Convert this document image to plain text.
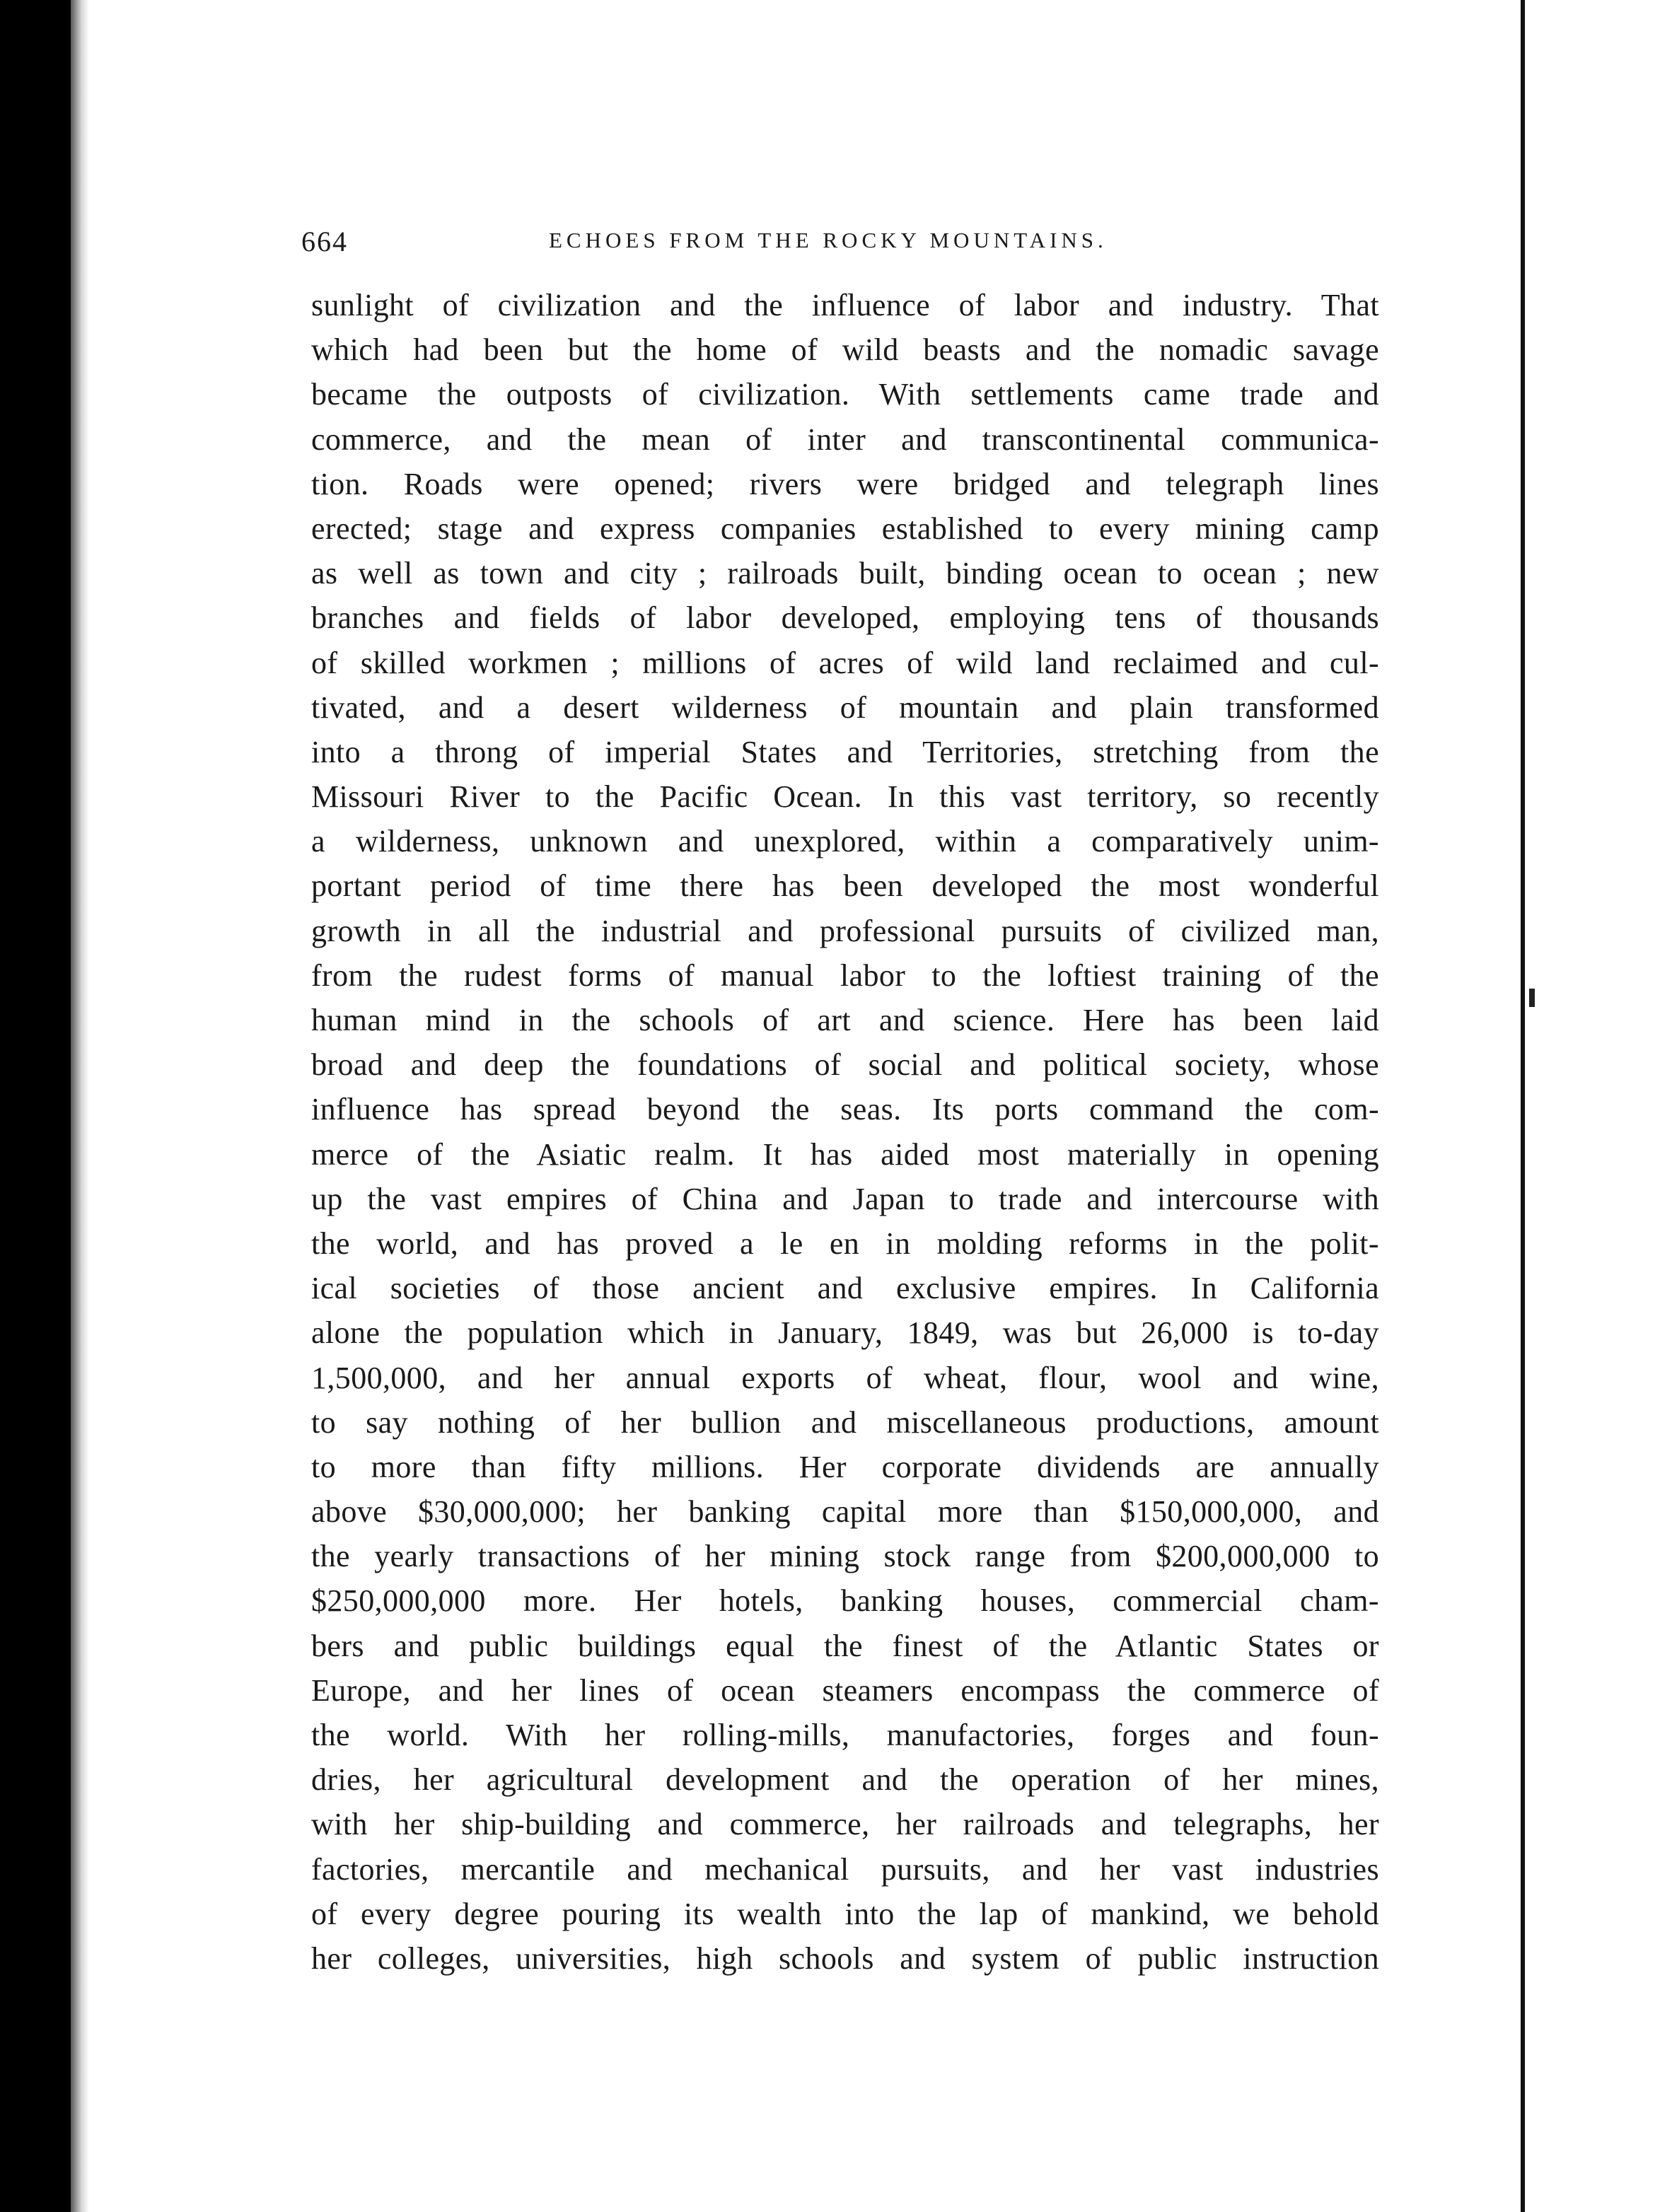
664	ECHOES FROM THE ROCKY MOUNTAINS.
sunlight of civilization and the influence of labor and industry. That
which had been but the home of wild beasts and the nomadic savage
became the outposts of civilization. With settlements came trade and
commerce, and the mean of inter and transcontinental communica-
tion. Roads were opened; rivers were bridged and telegraph lines
erected; stage and express companies established to every mining camp
as well as town and city ; railroads built, binding ocean to ocean ; new
branches and fields of labor developed, employing tens of thousands
of skilled workmen ; millions of acres of wild land reclaimed and cul-
tivated, and a desert wilderness of mountain and plain transformed
into a throng of imperial States and Territories, stretching from the
Missouri River to the Pacific Ocean. In this vast territory, so recently
a wilderness, unknown and unexplored, within a comparatively unim-
portant period of time there has been developed the most wonderful
growth in all the industrial and professional pursuits of civilized man,
from the rudest forms of manual labor to the loftiest training of the
human mind in the schools of art and science. Here has been laid
broad and deep the foundations of social and political society, whose
influence has spread beyond the seas. Its ports command the com-
merce of the Asiatic realm. It has aided most materially in opening
up the vast empires of China and Japan to trade and intercourse with
the world, and has proved a le en in molding reforms in the polit-
ical societies of those ancient and exclusive empires. In California
alone the population which in January, 1849, was but 26,000 is to-day
1,500,000, and her annual exports of wheat, flour, wool and wine,
to say nothing of her bullion and miscellaneous productions, amount
to more than fifty millions. Her corporate dividends are annually
above $30,000,000; her banking capital more than $150,000,000, and
the yearly transactions of her mining stock range from $200,000,000 to
$250,000,000 more. Her hotels, banking houses, commercial cham-
bers and public buildings equal the finest of the Atlantic States or
Europe, and her lines of ocean steamers encompass the commerce of
the world. With her rolling-mills, manufactories, forges and foun-
dries, her agricultural development and the operation of her mines,
with her ship-building and commerce, her railroads and telegraphs, her
factories, mercantile and mechanical pursuits, and her vast industries
of every degree pouring its wealth into the lap of mankind, we behold
her colleges, universities, high schools and system of public instruction
